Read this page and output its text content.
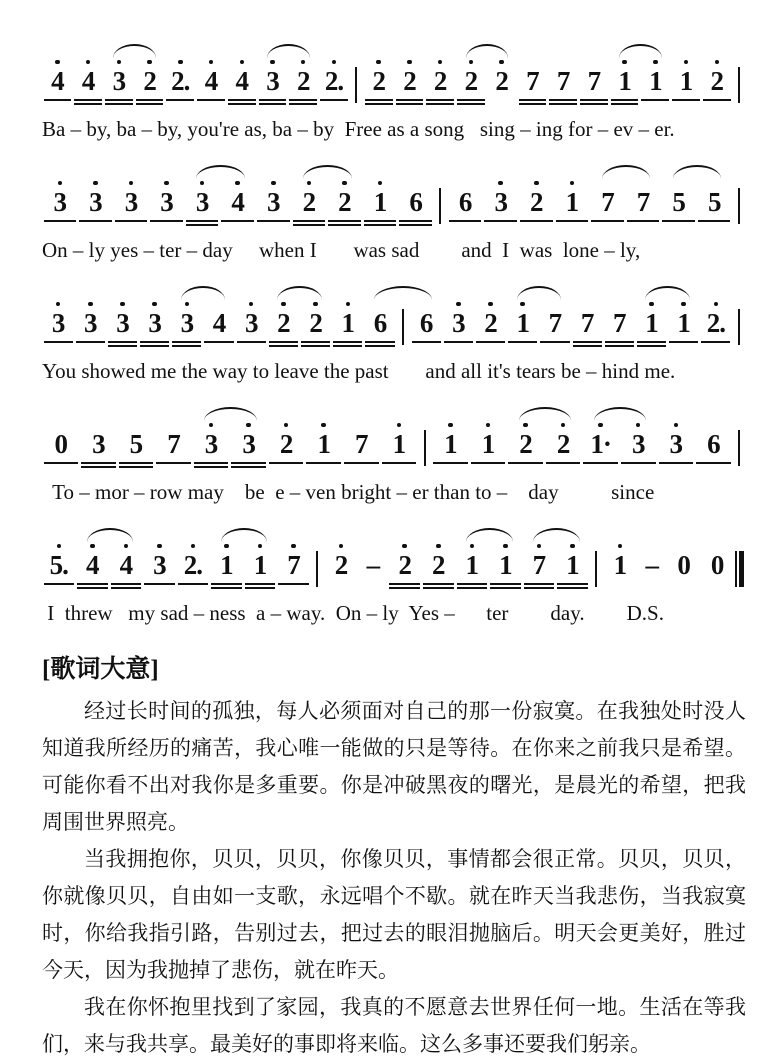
4 4 3 2 2. 4 4 3 2 2. 2 2 2 2 2 7 7 7 1 1 1 2
Ba – by, ba – by, you're as, ba – by  Free as a song   sing – ing for – ev – er.
3 3 3 3 3 4 3 2 2 1 6 6 3 2 1 7 7 5 5
On – ly yes – ter – day     when I       was sad        and  I  was  lone – ly,
3 3 3 3 3 4 3 2 2 1 6 6 3 2 1 7 7 7 1 1 2.
You showed me the way to leave the past       and all it's tears be – hind me.
0 3 5 7 3 3 2 1 7 1 1 1 2 2 1· 3 3 6
To – mor – row may    be  e – ven bright – er than to –    day          since
5. 4 4 3 2. 1 1 7 2 – 2 2 1 1 7 1 1 – 0 0
I  threw   my sad – ness  a – way.  On – ly  Yes –      ter        day.        D.S.
[歌词大意]

经过长时间的孤独，每人必须面对自己的那一份寂寞。在我独处时没人知道我所经历的痛苦，我心唯一能做的只是等待。在你来之前我只是希望。可能你看不出对我你是多重要。你是冲破黑夜的曙光，是晨光的希望，把我周围世界照亮。

当我拥抱你，贝贝，贝贝，你像贝贝，事情都会很正常。贝贝，贝贝，你就像贝贝，自由如一支歌，永远唱个不歇。就在昨天当我悲伤，当我寂寞时，你给我指引路，告别过去，把过去的眼泪抛脑后。明天会更美好，胜过今天，因为我抛掉了悲伤，就在昨天。

我在你怀抱里找到了家园，我真的不愿意去世界任何一地。生活在等我们，来与我共享。最美好的事即将来临。这么多事还要我们躬亲。
